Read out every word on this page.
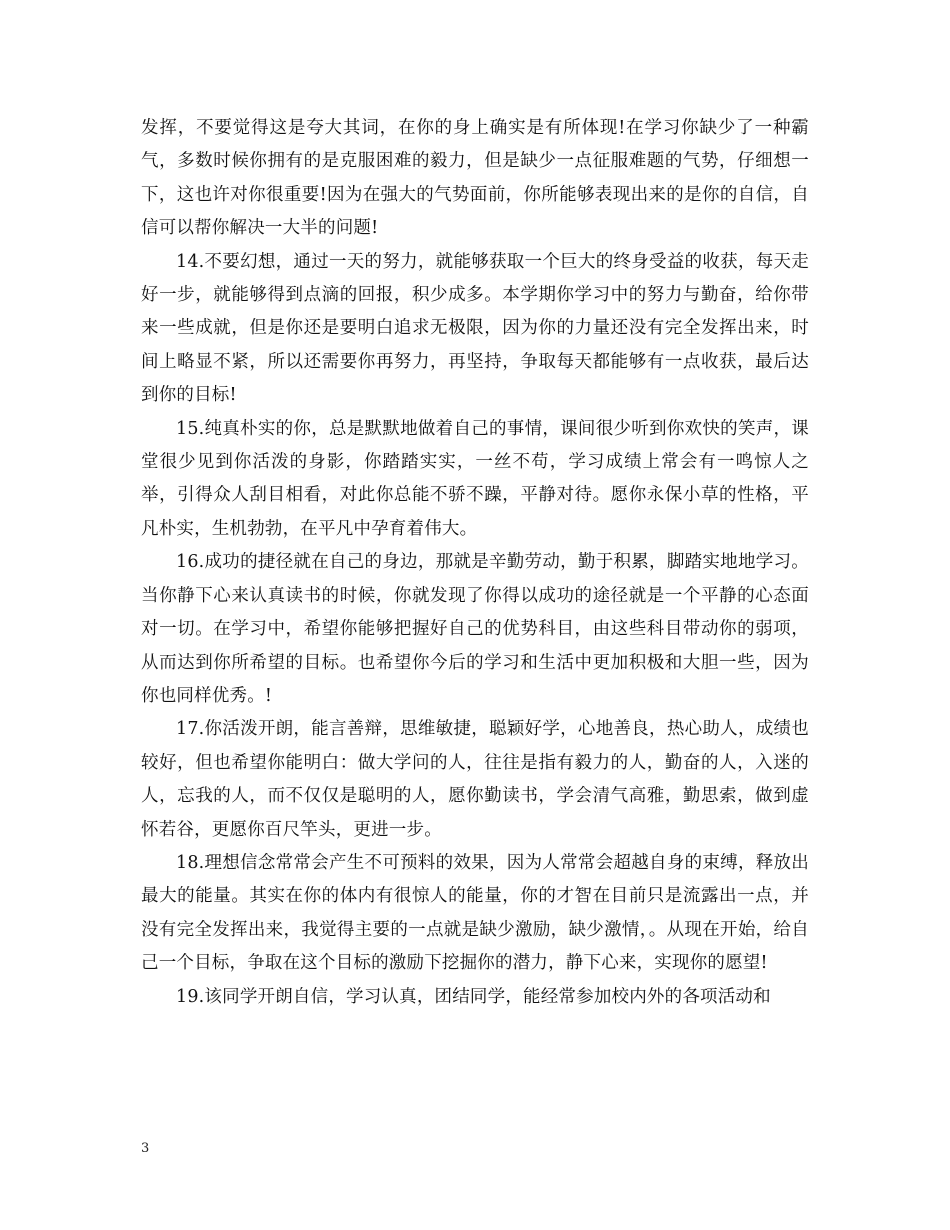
发挥，不要觉得这是夸大其词，在你的身上确实是有所体现!在学习你缺少了一种霸气，多数时候你拥有的是克服困难的毅力，但是缺少一点征服难题的气势，仔细想一下，这也许对你很重要!因为在强大的气势面前，你所能够表现出来的是你的自信，自信可以帮你解决一大半的问题!

14.不要幻想，通过一天的努力，就能够获取一个巨大的终身受益的收获，每天走好一步，就能够得到点滴的回报，积少成多。本学期你学习中的努力与勤奋，给你带来一些成就，但是你还是要明白追求无极限，因为你的力量还没有完全发挥出来，时间上略显不紧，所以还需要你再努力，再坚持，争取每天都能够有一点收获，最后达到你的目标!

15.纯真朴实的你，总是默默地做着自己的事情，课间很少听到你欢快的笑声，课堂很少见到你活泼的身影，你踏踏实实，一丝不苟，学习成绩上常会有一鸣惊人之举，引得众人刮目相看，对此你总能不骄不躁，平静对待。愿你永保小草的性格，平凡朴实，生机勃勃，在平凡中孕育着伟大。

16.成功的捷径就在自己的身边，那就是辛勤劳动，勤于积累，脚踏实地地学习。当你静下心来认真读书的时候，你就发现了你得以成功的途径就是一个平静的心态面对一切。在学习中，希望你能够把握好自己的优势科目，由这些科目带动你的弱项，从而达到你所希望的目标。也希望你今后的学习和生活中更加积极和大胆一些，因为你也同样优秀。!

17.你活泼开朗，能言善辩，思维敏捷，聪颖好学，心地善良，热心助人，成绩也较好，但也希望你能明白：做大学问的人，往往是指有毅力的人，勤奋的人，入迷的人，忘我的人，而不仅仅是聪明的人，愿你勤读书，学会清气高雅，勤思索，做到虚怀若谷，更愿你百尺竿头，更进一步。

18.理想信念常常会产生不可预料的效果，因为人常常会超越自身的束缚，释放出最大的能量。其实在你的体内有很惊人的能量，你的才智在目前只是流露出一点，并没有完全发挥出来，我觉得主要的一点就是缺少激励，缺少激情，。从现在开始，给自己一个目标，争取在这个目标的激励下挖掘你的潜力，静下心来，实现你的愿望!

19.该同学开朗自信，学习认真，团结同学，能经常参加校内外的各项活动和

3
